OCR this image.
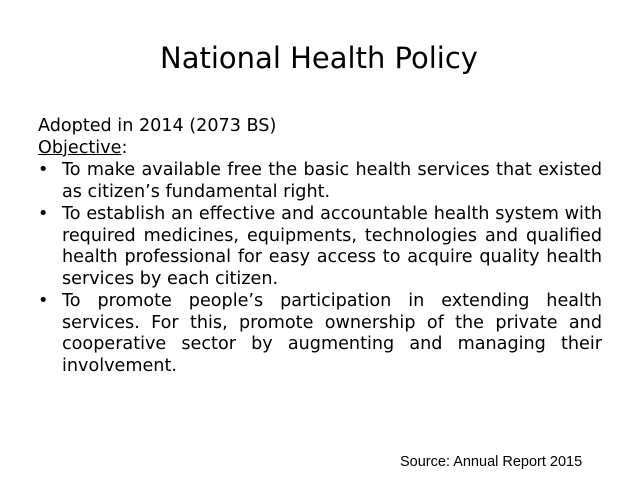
National Health Policy
Adopted in 2014 (2073 BS)
Objective:
• To make available free the basic health services that existed as citizen’s fundamental right.
• To establish an effective and accountable health system with required medicines, equipments, technologies and qualified health professional for easy access to acquire quality health services by each citizen.
• To promote people’s participation in extending health services. For this, promote ownership of the private and cooperative sector by augmenting and managing their involvement.
Source: Annual Report 2015
